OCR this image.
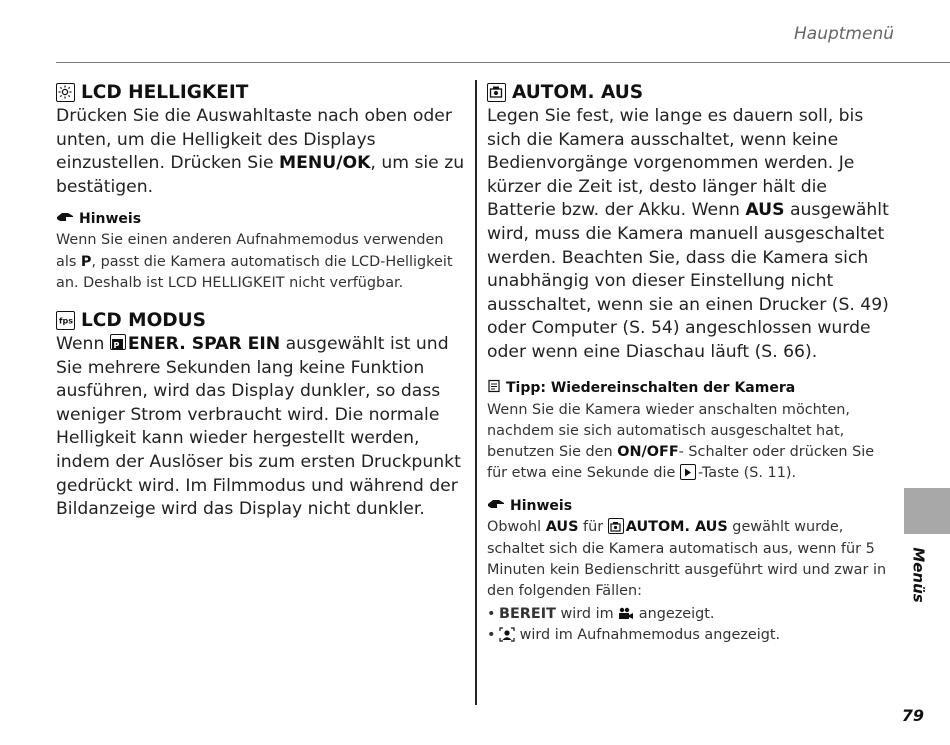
Hauptmenü
LCD HELLIGKEIT

Drücken Sie die Auswahltaste nach oben oder unten, um die Helligkeit des Displays einzustellen. Drücken Sie MENU/OK, um sie zu bestätigen.

Hinweis

Wenn Sie einen anderen Aufnahmemodus verwenden als P, passt die Kamera automatisch die LCD-Helligkeit an. Deshalb ist LCD HELLIGKEIT nicht verfügbar.

fps LCD MODUS

Wenn P ENER. SPAR EIN ausgewählt ist und Sie mehrere Sekunden lang keine Funktion ausführen, wird das Display dunkler, so dass weniger Strom verbraucht wird. Die normale Helligkeit kann wieder hergestellt werden, indem der Auslöser bis zum ersten Druckpunkt gedrückt wird. Im Filmmodus und während der Bildanzeige wird das Display nicht dunkler.

AUTOM. AUS

Legen Sie fest, wie lange es dauern soll, bis sich die Kamera ausschaltet, wenn keine Bedienvorgänge vorgenommen werden. Je kürzer die Zeit ist, desto länger hält die Batterie bzw. der Akku. Wenn AUS ausgewählt wird, muss die Kamera manuell ausgeschaltet werden. Beachten Sie, dass die Kamera sich unabhängig von dieser Einstellung nicht ausschaltet, wenn sie an einen Drucker (S. 49) oder Computer (S. 54) angeschlossen wurde oder wenn eine Diaschau läuft (S. 66).

Tipp: Wiedereinschalten der Kamera

Wenn Sie die Kamera wieder anschalten möchten, nachdem sie sich automatisch ausgeschaltet hat, benutzen Sie den ON/OFF- Schalter oder drücken Sie für etwa eine Sekunde die -Taste (S. 11).

Hinweis

Obwohl AUS für AUTOM. AUS gewählt wurde, schaltet sich die Kamera automatisch aus, wenn für 5 Minuten kein Bedienschritt ausgeführt wird und zwar in den folgenden Fällen:

• BEREIT wird im  angezeigt.
• wird im Aufnahmemodus angezeigt.
Menüs
79
